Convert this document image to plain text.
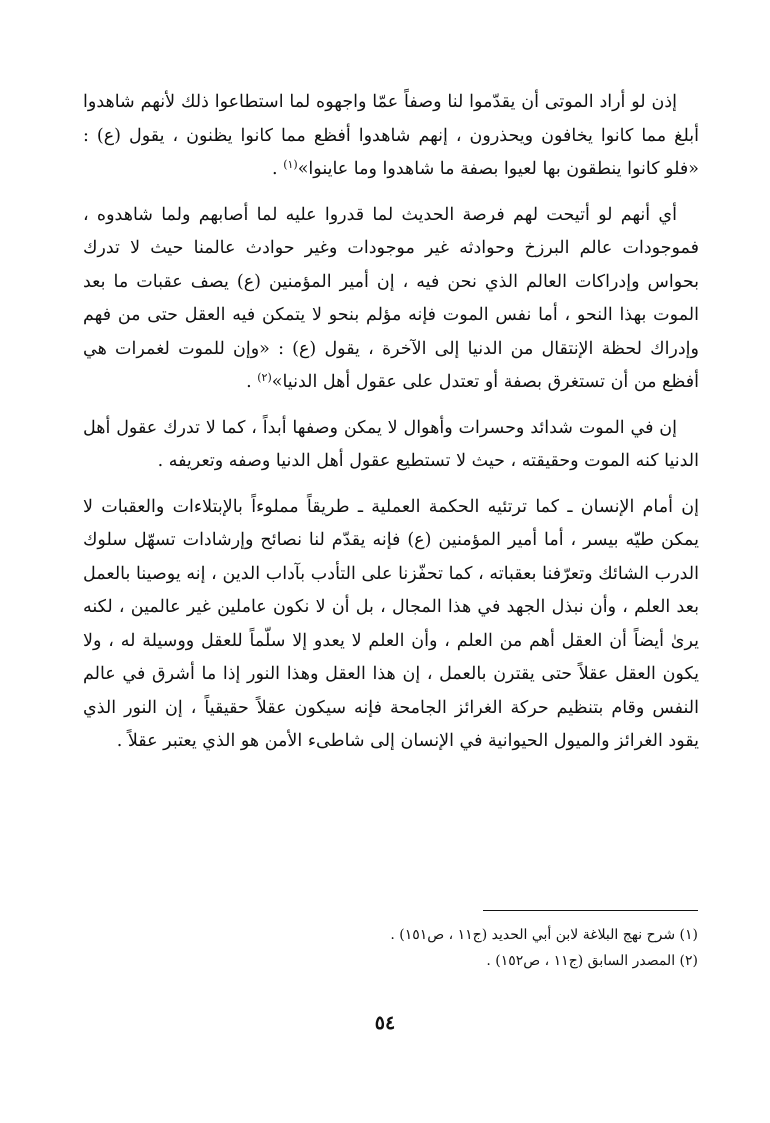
إذن لو أراد الموتى أن يقدّموا لنا وصفاً عمّا واجهوه لما استطاعوا ذلك لأنهم شاهدوا أبلغ مما كانوا يخافون ويحذرون ، إنهم شاهدوا أفظع مما كانوا يظنون ، يقول (ع) : «فلو كانوا ينطقون بها لعيوا بصفة ما شاهدوا وما عاينوا»$^{(١)}$ .

أي أنهم لو أتيحت لهم فرصة الحديث لما قدروا عليه لما أصابهم ولما شاهدوه ، فموجودات عالم البرزخ وحوادثه غير موجودات وغير حوادث عالمنا حيث لا تدرك بحواس وإدراكات العالم الذي نحن فيه ، إن أمير المؤمنين (ع) يصف عقبات ما بعد الموت بهذا النحو ، أما نفس الموت فإنه مؤلم بنحو لا يتمكن فيه العقل حتى من فهم وإدراك لحظة الإنتقال من الدنيا إلى الآخرة ، يقول (ع) : «وإن للموت لغمرات هي أفظع من أن تستغرق بصفة أو تعتدل على عقول أهل الدنيا»$^{(٢)}$ .

إن في الموت شدائد وحسرات وأهوال لا يمكن وصفها أبداً ، كما لا تدرك عقول أهل الدنيا كنه الموت وحقيقته ، حيث لا تستطيع عقول أهل الدنيا وصفه وتعريفه .

إن أمام الإنسان ـ كما ترتئيه الحكمة العملية ـ طريقاً مملوءاً بالإبتلاءات والعقبات لا يمكن طيّه بيسر ، أما أمير المؤمنين (ع) فإنه يقدّم لنا نصائح وإرشادات تسهّل سلوك الدرب الشائك وتعرّفنا بعقباته ، كما تحفّزنا على التأدب بآداب الدين ، إنه يوصينا بالعمل بعد العلم ، وأن نبذل الجهد في هذا المجال ، بل أن لا نكون عاملين غير عالمين ، لكنه يرىٰ أيضاً أن العقل أهم من العلم ، وأن العلم لا يعدو إلا سلّماً للعقل ووسيلة له ، ولا يكون العقل عقلاً حتى يقترن بالعمل ، إن هذا العقل وهذا النور إذا ما أشرق في عالم النفس وقام بتنظيم حركة الغرائز الجامحة فإنه سيكون عقلاً حقيقياً ، إن النور الذي يقود الغرائز والميول الحيوانية في الإنسان إلى شاطىء الأمن هو الذي يعتبر عقلاً .

(١) شرح نهج البلاغة لابن أبي الحديد (ج١١ ، ص١٥١) .

(٢) المصدر السابق (ج١١ ، ص١٥٢) .

٥٤
